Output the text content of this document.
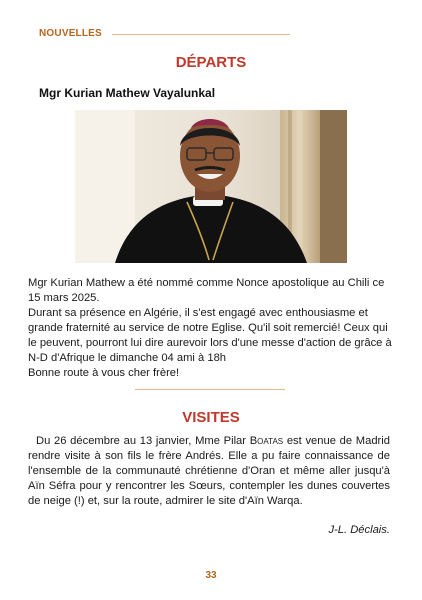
NOUVELLES
DÉPARTS
Mgr Kurian Mathew Vayalunkal

Mgr Kurian Mathew a été nommé comme Nonce apostolique au Chili ce 15 mars 2025.

Durant sa présence en Algérie, il s'est engagé avec enthousiasme et grande fraternité au service de notre Eglise. Qu'il soit remercié! Ceux qui le peuvent, pourront lui dire aurevoir lors d'une messe d'action de grâce à N-D d'Afrique le dimanche 04 ami à 18h

Bonne route à vous cher frère!

VISITES
Du 26 décembre au 13 janvier, Mme Pilar Boatas est venue de Madrid rendre visite à son fils le frère Andrés. Elle a pu faire connaissance de l'ensemble de la communauté chrétienne d'Oran et même aller jusqu'à Aïn Séfra pour y rencontrer les Sœurs, contempler les dunes couvertes de neige (!) et, sur la route, admirer le site d'Aïn Warqa.
J-L. Déclais.
33
